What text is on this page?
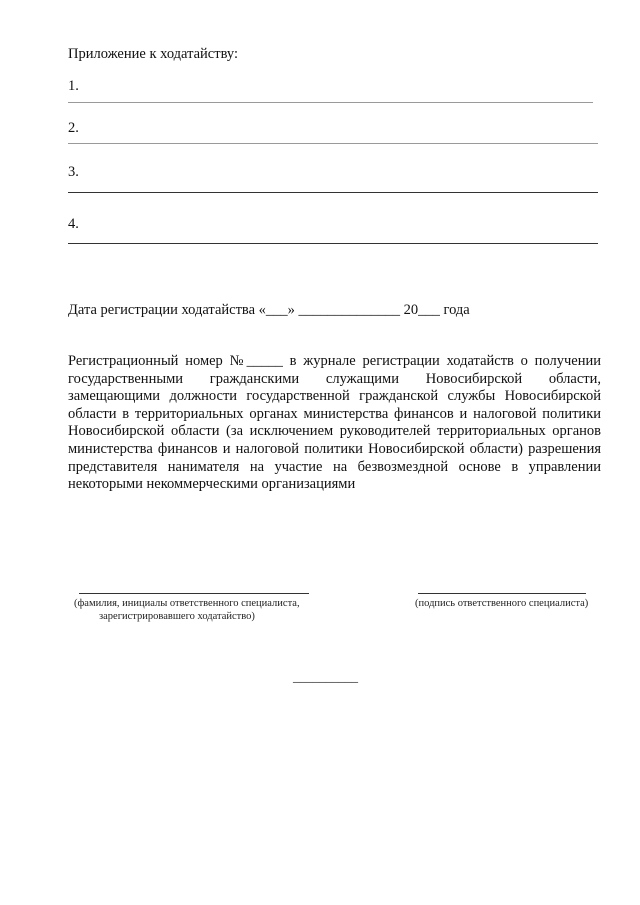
Приложение к ходатайству:
1.
2.
3.
4.
Дата регистрации ходатайства «___» ______________ 20___ года
Регистрационный номер №_____ в журнале регистрации ходатайств о получении государственными гражданскими служащими Новосибирской области, замещающими должности государственной гражданской службы Новосибирской области в территориальных органах министерства финансов и налоговой политики Новосибирской области (за исключением руководителей территориальных органов министерства финансов и налоговой политики Новосибирской области) разрешения представителя нанимателя на участие на безвозмездной основе в управлении некоторыми некоммерческими организациями
(фамилия, инициалы ответственного специалиста,
зарегистрировавшего ходатайство)
(подпись ответственного специалиста)
__________
